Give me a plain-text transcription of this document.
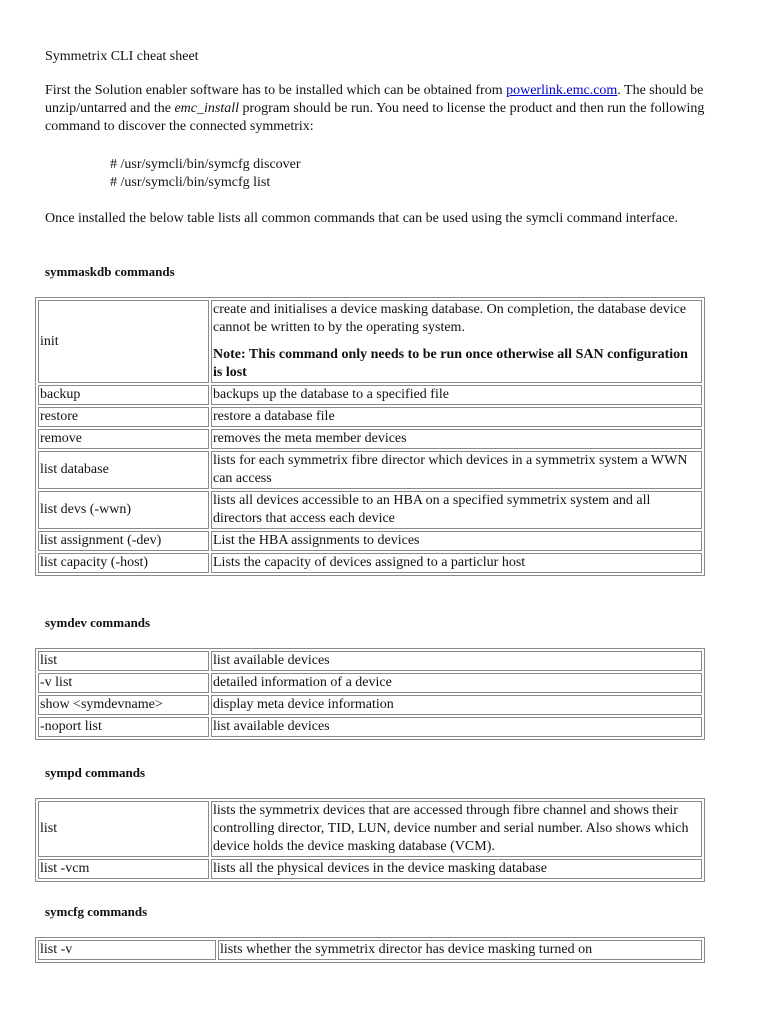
Symmetrix CLI cheat sheet

First the Solution enabler software has to be installed which can be obtained from powerlink.emc.com. The should be unzip/untarred and the emc_install program should be run. You need to license the product and then run the following command to discover the connected symmetrix:

# /usr/symcli/bin/symcfg discover
# /usr/symcli/bin/symcfg list

Once installed the below table lists all common commands that can be used using the symcli command interface.

symmaskdb commands
init	create and initialises a device masking database. On completion, the database device cannot be written to by the operating system.
Note: This command only needs to be run once otherwise all SAN configuration is lost

backup	backups up the database to a specified file
restore	restore a database file
remove	removes the meta member devices
list database	lists for each symmetrix fibre director which devices in a symmetrix system a WWN can access
list devs (-wwn)	lists all devices accessible to an HBA on a specified symmetrix system and all directors that access each device
list assignment (-dev)	List the HBA assignments to devices
list capacity (-host)	Lists the capacity of devices assigned to a particlur host
symdev commands
list	list available devices
-v list	detailed information of a device
show <symdevname>	display meta device information
-noport list	list available devices
sympd commands
list	lists the symmetrix devices that are accessed through fibre channel and shows their controlling director, TID, LUN, device number and serial number. Also shows which device holds the device masking database (VCM).
list -vcm	lists all the physical devices in the device masking database
symcfg commands
list -v	lists whether the symmetrix director has device masking turned on
